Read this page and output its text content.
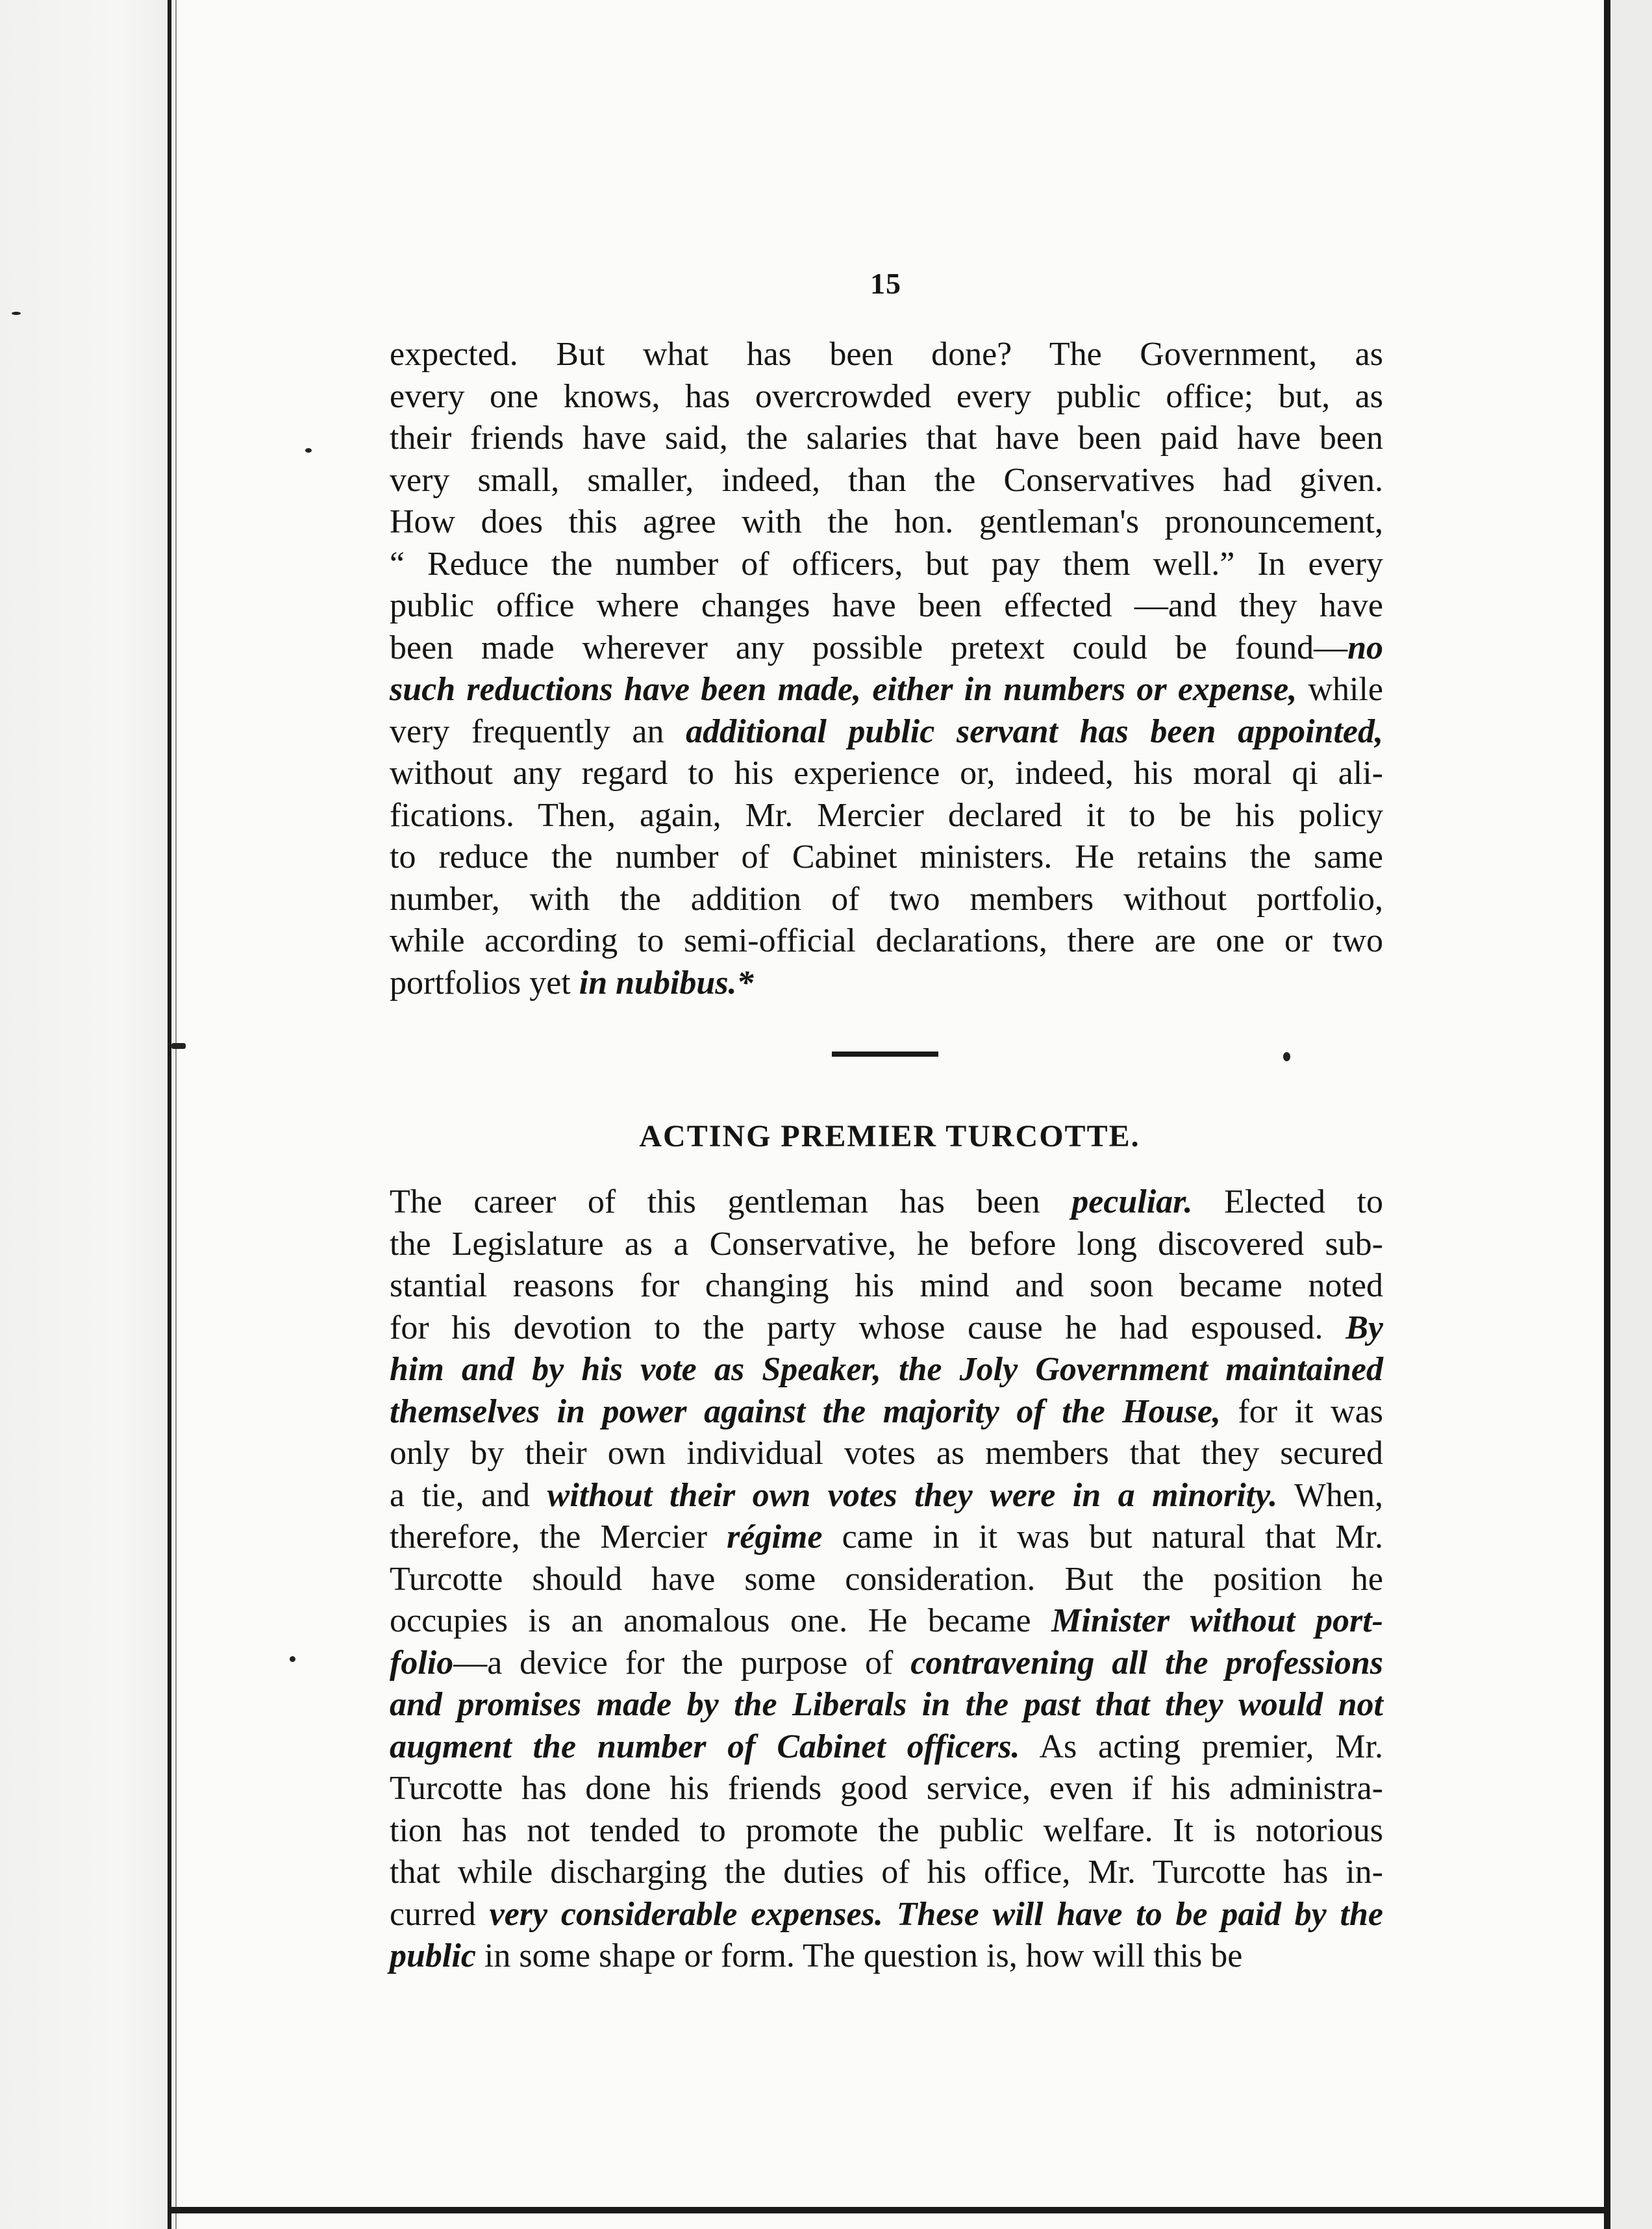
15
expected. But what has been done? The Government, as
every one knows, has overcrowded every public office; but, as
their friends have said, the salaries that have been paid have been
very small, smaller, indeed, than the Conservatives had given.
How does this agree with the hon. gentleman's pronouncement,
“ Reduce the number of officers, but pay them well.” In every
public office where changes have been effected —and they have
been made wherever any possible pretext could be found—no
such reductions have been made, either in numbers or expense, while
very frequently an additional public servant has been appointed,
without any regard to his experience or, indeed, his moral qi ali-
fications. Then, again, Mr. Mercier declared it to be his policy
to reduce the number of Cabinet ministers. He retains the same
number, with the addition of two members without portfolio,
while according to semi-official declarations, there are one or two
portfolios yet in nubibus.*
ACTING PREMIER TURCOTTE.
The career of this gentleman has been peculiar. Elected to
the Legislature as a Conservative, he before long discovered sub-
stantial reasons for changing his mind and soon became noted
for his devotion to the party whose cause he had espoused. By
him and by his vote as Speaker, the Joly Government maintained
themselves in power against the majority of the House, for it was
only by their own individual votes as members that they secured
a tie, and without their own votes they were in a minority. When,
therefore, the Mercier régime came in it was but natural that Mr.
Turcotte should have some consideration. But the position he
occupies is an anomalous one. He became Minister without port-
folio—a device for the purpose of contravening all the professions
and promises made by the Liberals in the past that they would not
augment the number of Cabinet officers. As acting premier, Mr.
Turcotte has done his friends good service, even if his administra-
tion has not tended to promote the public welfare. It is notorious
that while discharging the duties of his office, Mr. Turcotte has in-
curred very considerable expenses. These will have to be paid by the
public in some shape or form. The question is, how will this be
